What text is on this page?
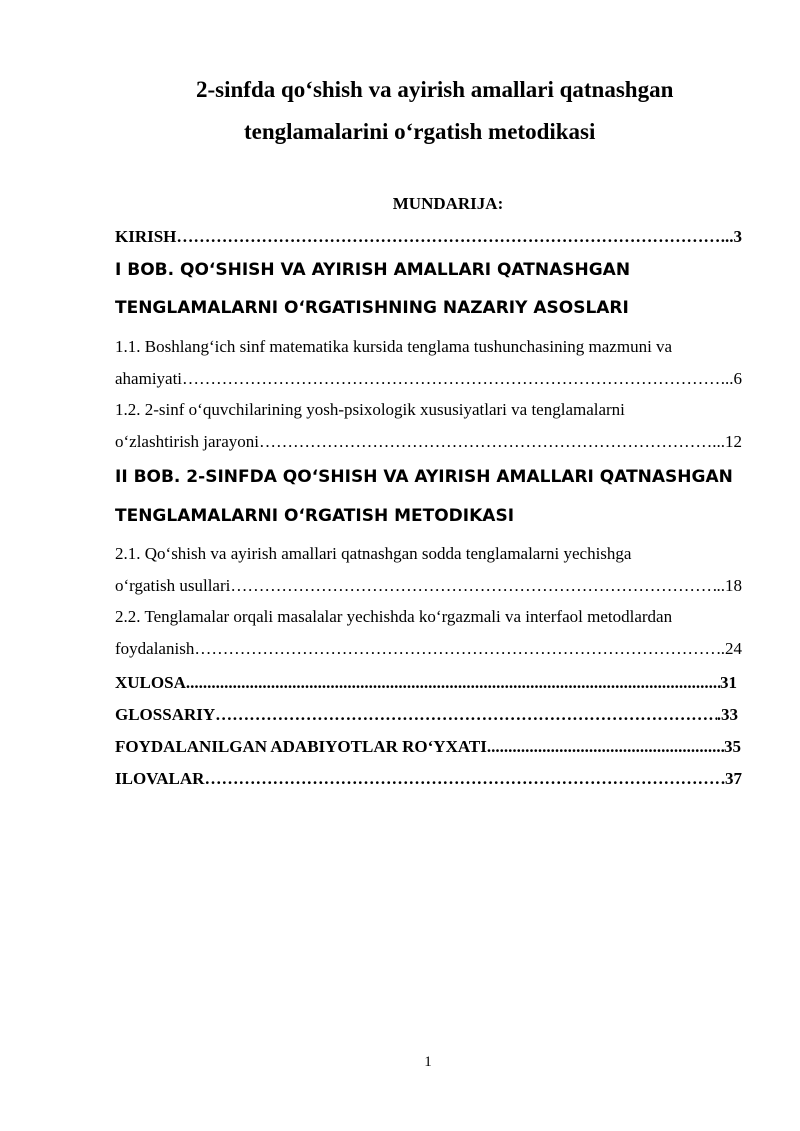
2-sinfda qo‘shish va ayirish amallari qatnashgan
tenglamalarini o‘rgatish metodikasi
MUNDARIJA:
KIRISH ………………………………………………………………………………………………………………………………………………	...3
I BOB. QO‘SHISH VA AYIRISH AMALLARI QATNASHGAN
TENGLAMALARNI O‘RGATISHNING NAZARIY ASOSLARI
1.1. Boshlang‘ich sinf matematika kursida tenglama tushunchasining mazmuni va
ahamiyati ………………………………………………………………………………………………………………………………………………	...6
1.2. 2-sinf o‘quvchilarining yosh-psixologik xususiyatlari va tenglamalarni
o‘zlashtirish jarayoni ………………………………………………………………………………………………………………………………………………	...12
II BOB. 2-SINFDA QO‘SHISH VA AYIRISH AMALLARI QATNASHGAN
TENGLAMALARNI O‘RGATISH METODIKASI
2.1. Qo‘shish va ayirish amallari qatnashgan sodda tenglamalarni yechishga
o‘rgatish usullari ………………………………………………………………………………………………………………………………………………	..18
2.2. Tenglamalar orqali masalalar yechishda ko‘rgazmali va interfaol metodlardan
foydalanish ………………………………………………………………………………………………………………………………………………	..24
XULOSA .....	31
GLOSSARIY ………………………………………………………………………………………………………………………………………………	.33
FOYDALANILGAN ADABIYOTLAR RO‘YXATI .....	35
ILOVALAR ………………………………………………………………………………………………………………………………………………	37
1
